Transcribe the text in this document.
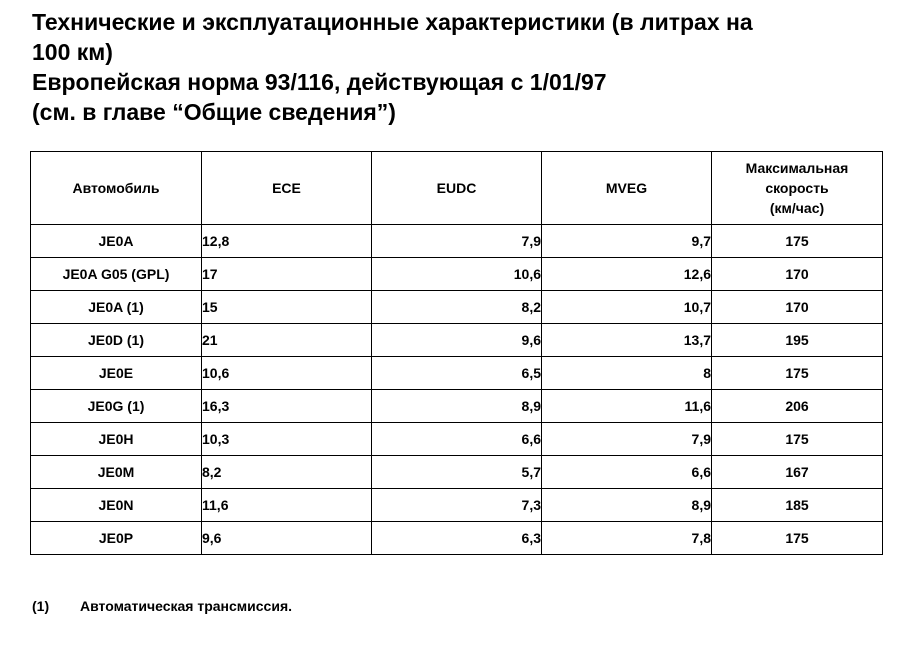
Технические и эксплуатационные характеристики (в литрах на
100 км)
Европейская норма 93/116, действующая с 1/01/97
(см. в главе “Общие сведения”)
Автомобиль	ECE	EUDC	MVEG	Максимальная
скорость
(км/час)
JE0A	12,8	7,9	9,7	175
JE0A G05 (GPL)	17	10,6	12,6	170
JE0A (1)	15	8,2	10,7	170
JE0D (1)	21	9,6	13,7	195
JE0E	10,6	6,5	8	175
JE0G (1)	16,3	8,9	11,6	206
JE0H	10,3	6,6	7,9	175
JE0M	8,2	5,7	6,6	167
JE0N	11,6	7,3	8,9	185
JE0P	9,6	6,3	7,8	175
(1) Автоматическая трансмиссия.
